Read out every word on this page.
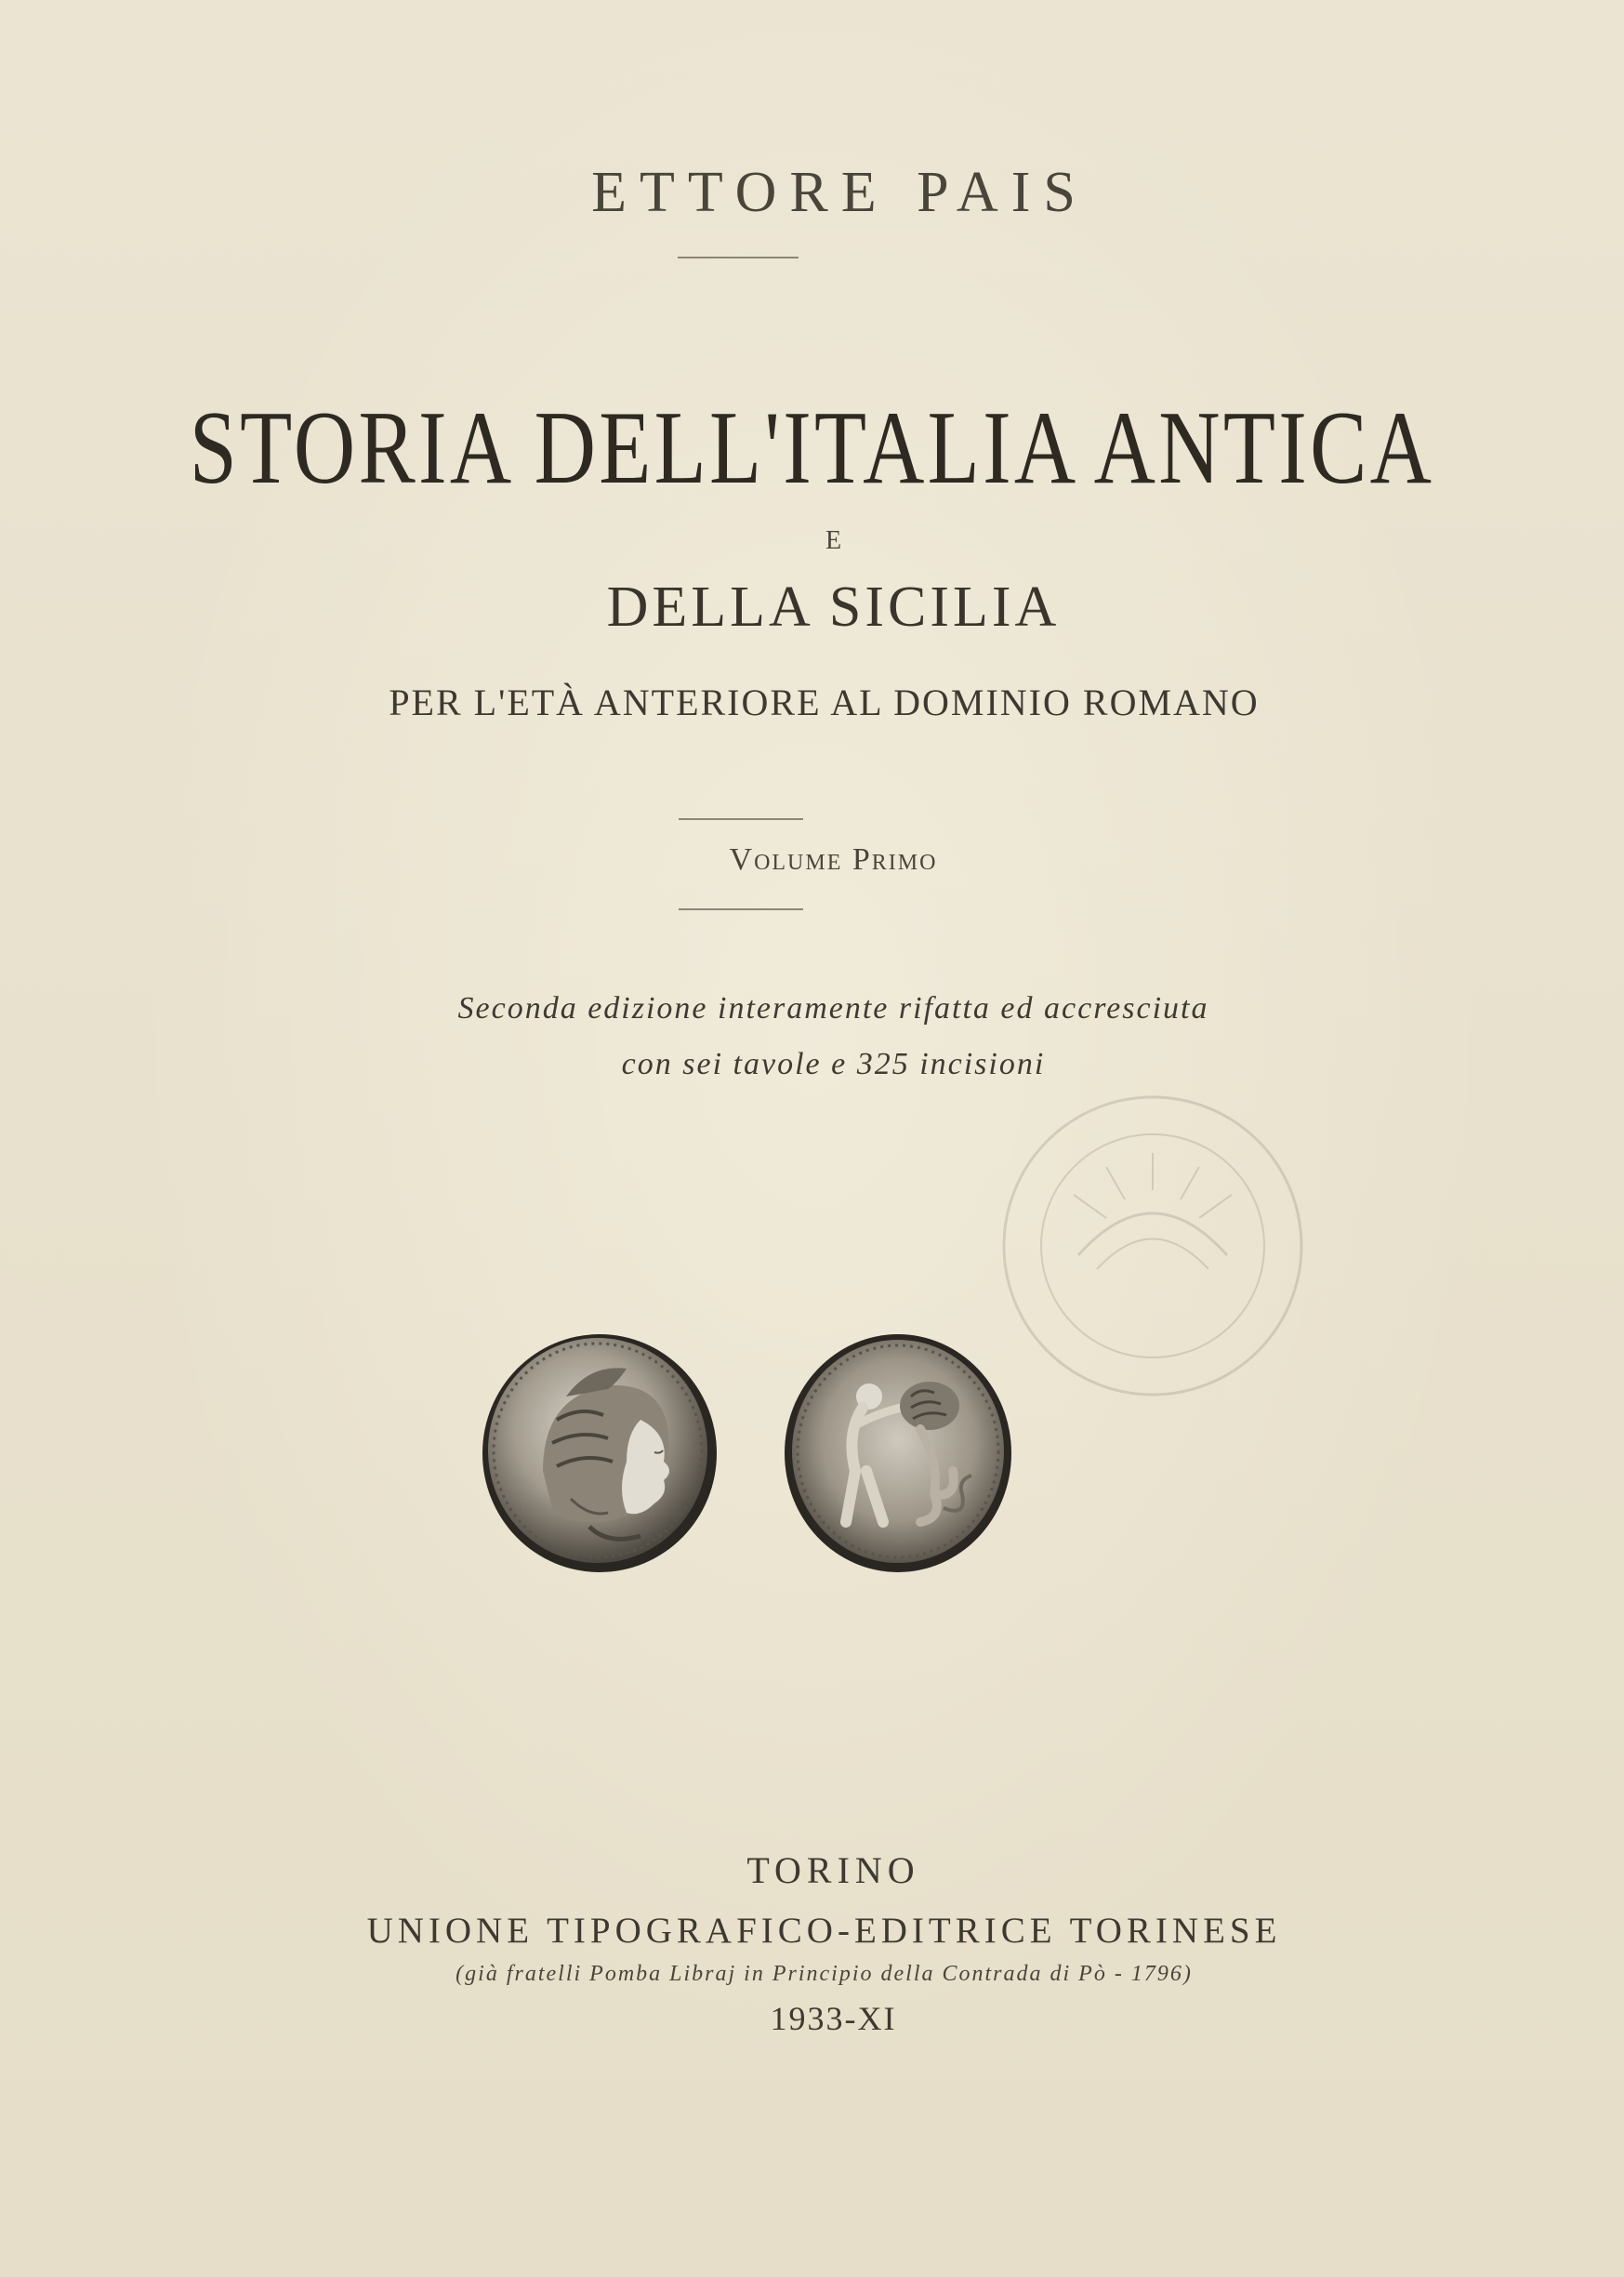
ETTORE PAIS
STORIA DELL'ITALIA ANTICA
E
DELLA SICILIA
PER L'ETÀ ANTERIORE AL DOMINIO ROMANO
Volume Primo
Seconda edizione interamente rifatta ed accresciuta
con sei tavole e 325 incisioni
TORINO
UNIONE TIPOGRAFICO-EDITRICE TORINESE
(già fratelli Pomba Libraj in Principio della Contrada di Pò - 1796)
1933-XI
